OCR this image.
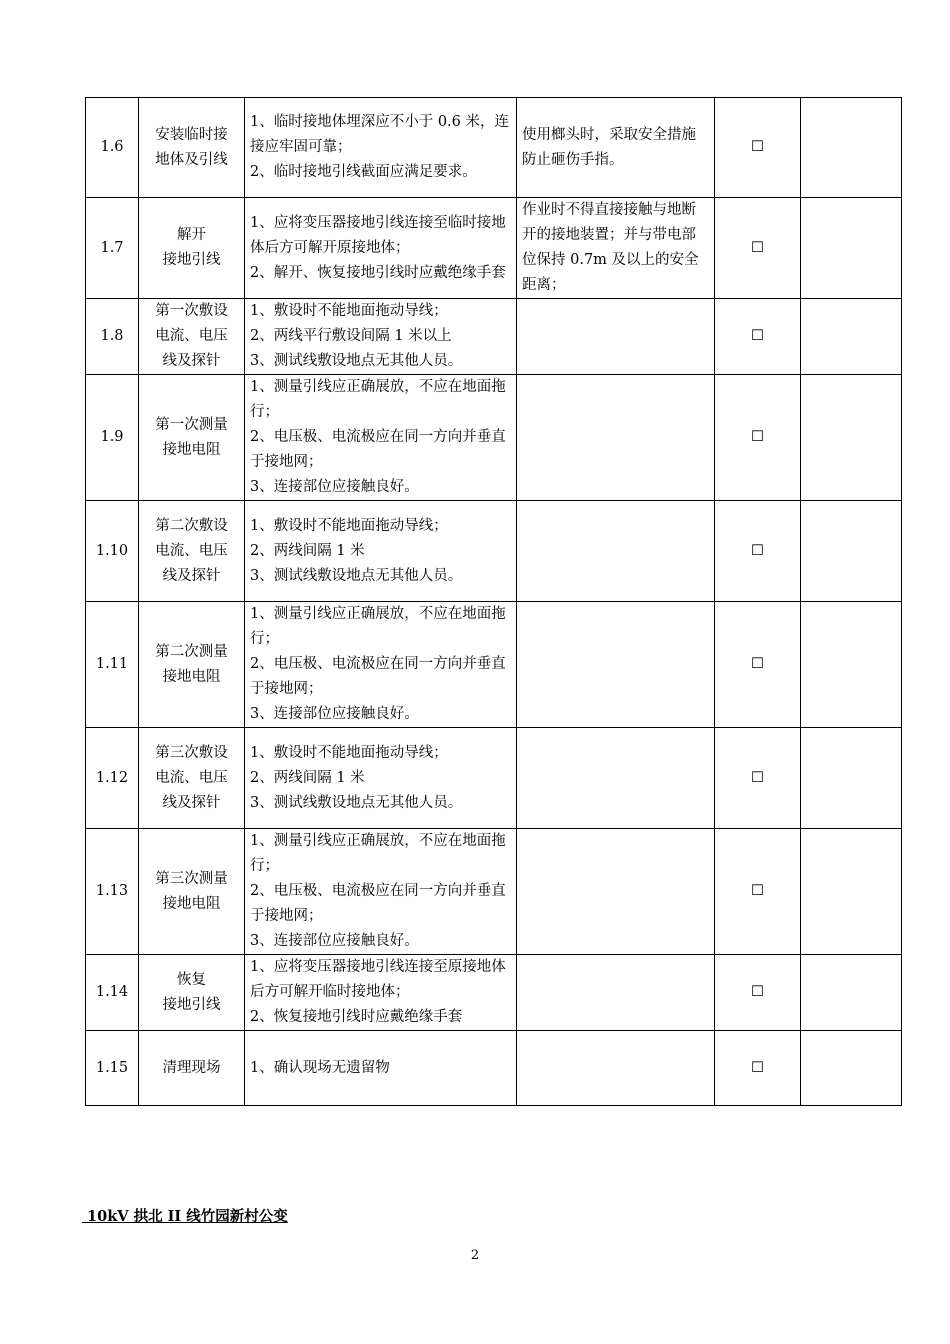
1.6	安装临时接
地体及引线	1、临时接地体埋深应不小于 0.6 米，连接应牢固可靠；
2、临时接地引线截面应满足要求。	使用榔头时，采取安全措施防止砸伤手指。	☐	
1.7	解开
接地引线	1、应将变压器接地引线连接至临时接地体后方可解开原接地体；
2、解开、恢复接地引线时应戴绝缘手套	作业时不得直接接触与地断开的接地装置；并与带电部位保持 0.7m 及以上的安全距离；	☐	
1.8	第一次敷设
电流、电压
线及探针	1、敷设时不能地面拖动导线；
2、两线平行敷设间隔 1 米以上
3、测试线敷设地点无其他人员。		☐	
1.9	第一次测量
接地电阻	1、测量引线应正确展放，不应在地面拖行；
2、电压极、电流极应在同一方向并垂直于接地网；
3、连接部位应接触良好。		☐	
1.10	第二次敷设
电流、电压
线及探针	1、敷设时不能地面拖动导线；
2、两线间隔 1 米
3、测试线敷设地点无其他人员。		☐	
1.11	第二次测量
接地电阻	1、测量引线应正确展放，不应在地面拖行；
2、电压极、电流极应在同一方向并垂直于接地网；
3、连接部位应接触良好。		☐	
1.12	第三次敷设
电流、电压
线及探针	1、敷设时不能地面拖动导线；
2、两线间隔 1 米
3、测试线敷设地点无其他人员。		☐	
1.13	第三次测量
接地电阻	1、测量引线应正确展放，不应在地面拖行；
2、电压极、电流极应在同一方向并垂直于接地网；
3、连接部位应接触良好。		☐	
1.14	恢复
接地引线	1、应将变压器接地引线连接至原接地体后方可解开临时接地体；
2、恢复接地引线时应戴绝缘手套		☐	
1.15	清理现场	1、确认现场无遗留物		☐	
10kV 拱北 II 线竹园新村公变
2
